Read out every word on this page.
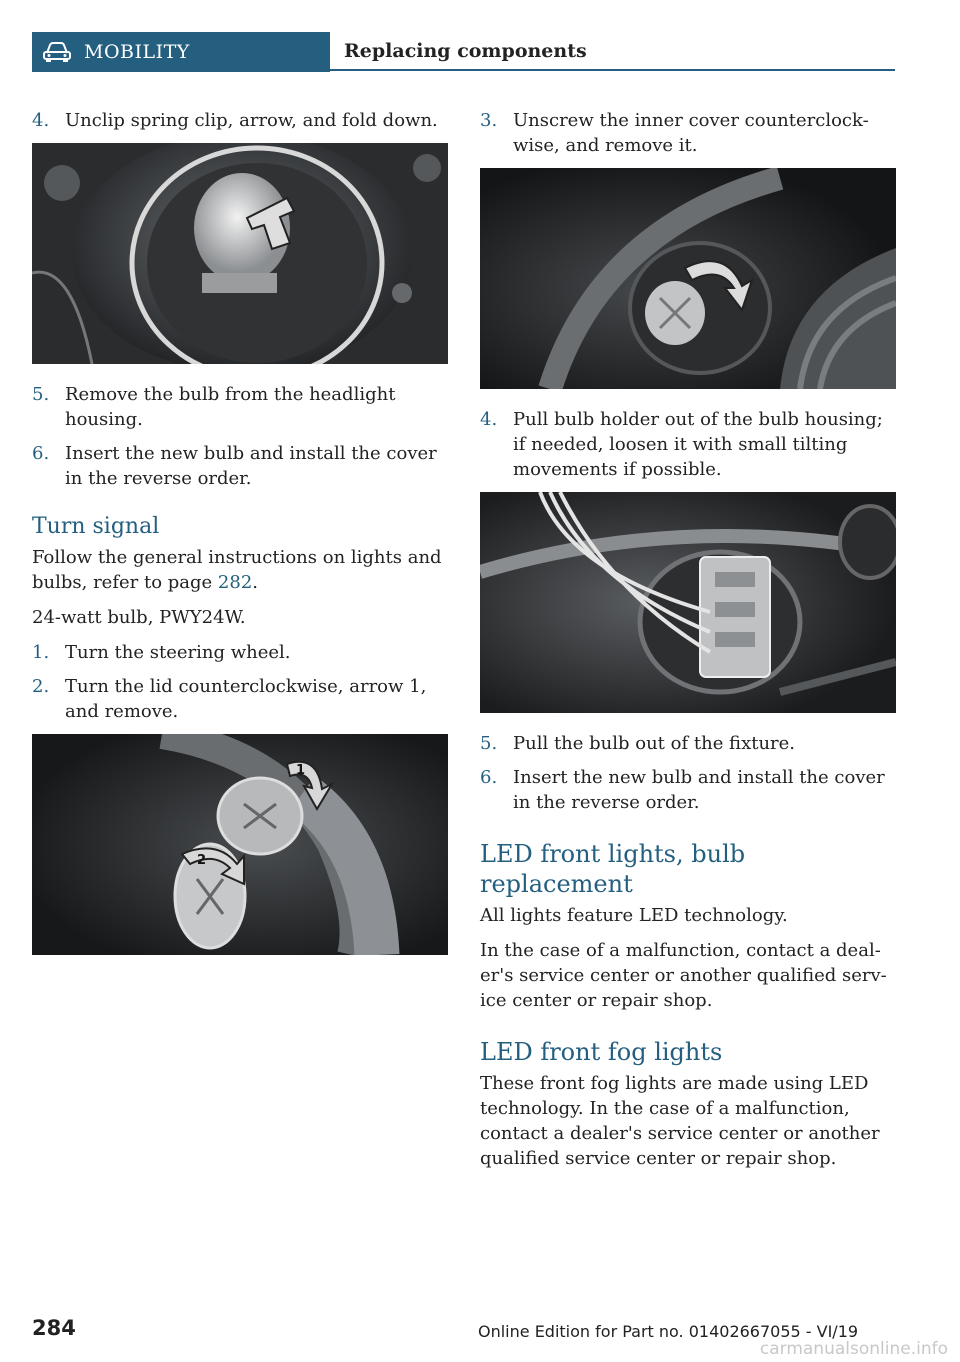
MOBILITY	Replacing components
4. Unclip spring clip, arrow, and fold down.
5. Remove the bulb from the headlight housing.
6. Insert the new bulb and install the cover in the reverse order.
Turn signal

Follow the general instructions on lights and bulbs, refer to page 282.

24-watt bulb, PWY24W.

1. Turn the steering wheel.
2. Turn the lid counterclockwise, arrow 1, and remove.
1
2
3. Unscrew the inner cover counterclock-wise, and remove it.
4. Pull bulb holder out of the bulb housing; if needed, loosen it with small tilting movements if possible.
5. Pull the bulb out of the fixture.
6. Insert the new bulb and install the cover in the reverse order.
LED front lights, bulb replacement

All lights feature LED technology.

In the case of a malfunction, contact a deal-er's service center or another qualified serv-ice center or repair shop.

LED front fog lights

These front fog lights are made using LED technology. In the case of a malfunction, contact a dealer's service center or another qualified service center or repair shop.

284	Online Edition for Part no. 01402667055 - VI/19
carmanualsonline.info
